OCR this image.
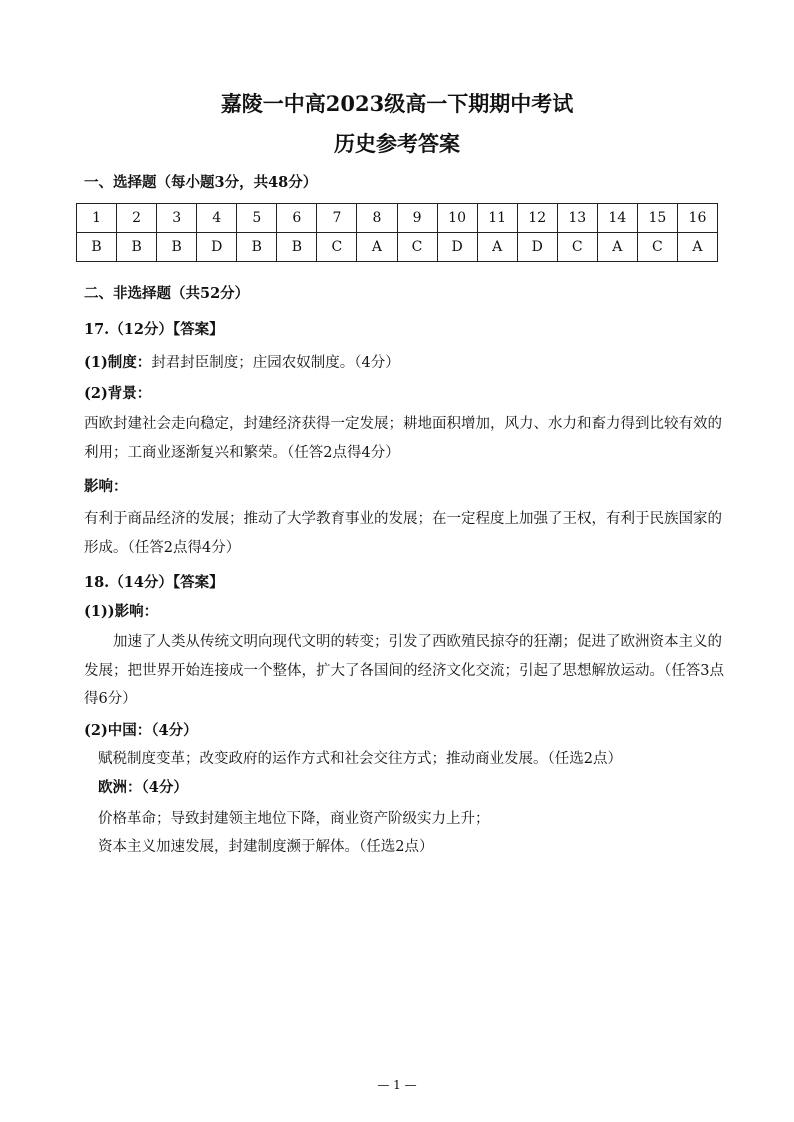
嘉陵一中高2023级高一下期期中考试
历史参考答案
一、选择题（每小题3分，共48分）
1	2	3	4	5	6	7	8	9	10	11	12	13	14	15	16
B	B	B	D	B	B	C	A	C	D	A	D	C	A	C	A
二、非选择题（共52分）
17.（12分）【答案】
(1)制度：封君封臣制度；庄园农奴制度。（4分）
(2)背景：
西欧封建社会走向稳定，封建经济获得一定发展；耕地面积增加，风力、水力和畜力得到比较有效的利用；工商业逐渐复兴和繁荣。（任答2点得4分）
影响：
有利于商品经济的发展；推动了大学教育事业的发展；在一定程度上加强了王权，有利于民族国家的形成。（任答2点得4分）
18.（14分）【答案】
(1))影响：
加速了人类从传统文明向现代文明的转变；引发了西欧殖民掠夺的狂潮；促进了欧洲资本主义的发展；把世界开始连接成一个整体，扩大了各国间的经济文化交流；引起了思想解放运动。（任答3点得6分）
(2)中国：（4分）
赋税制度变革；改变政府的运作方式和社会交往方式；推动商业发展。（任选2点）
欧洲：（4分）
价格革命；导致封建领主地位下降，商业资产阶级实力上升；
资本主义加速发展，封建制度濒于解体。（任选2点）
— 1 —
